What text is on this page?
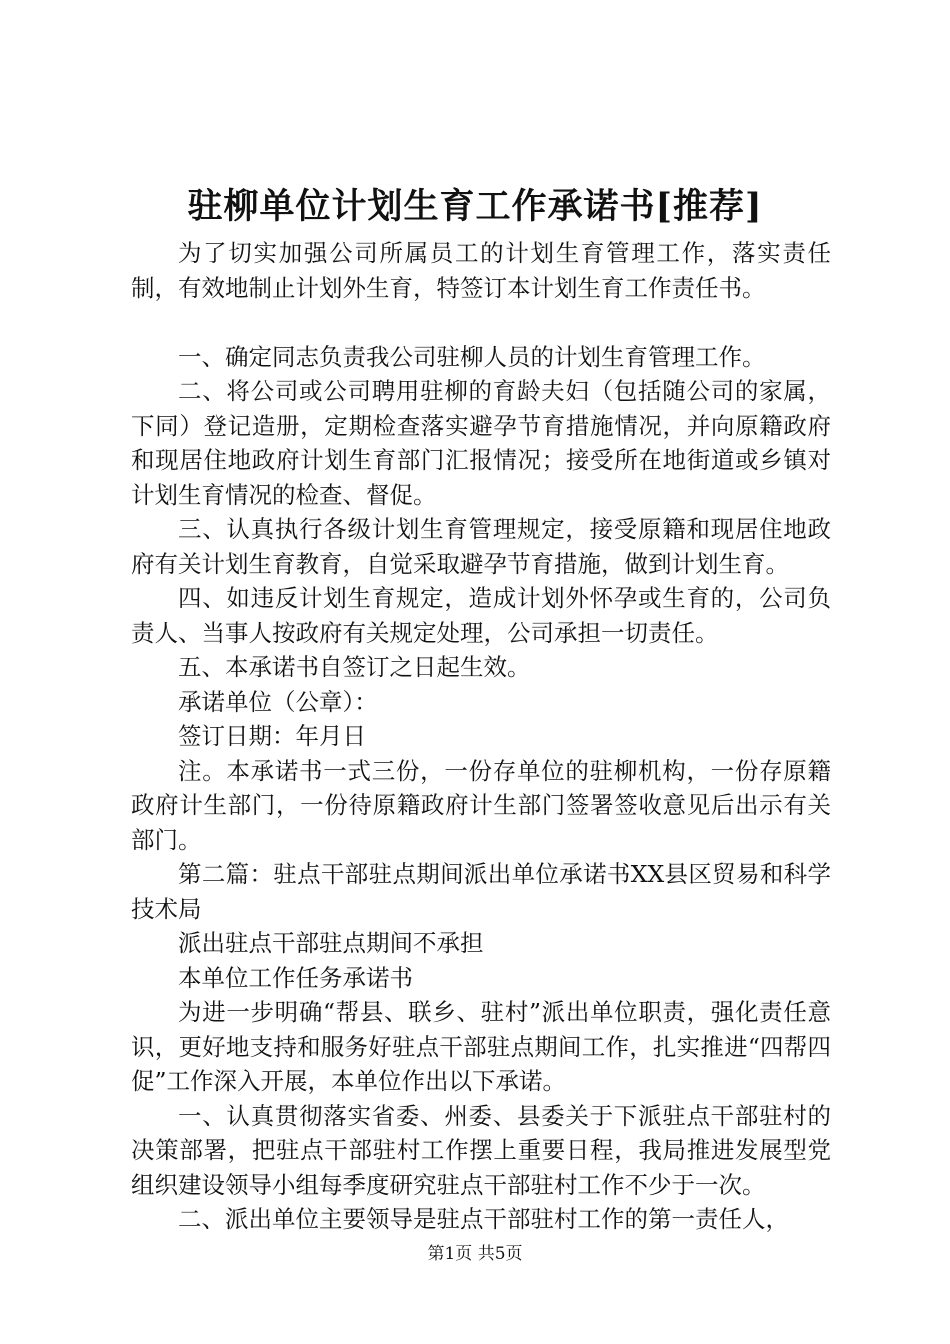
驻柳单位计划生育工作承诺书[推荐]

为了切实加强公司所属员工的计划生育管理工作，落实责任制，有效地制止计划外生育，特签订本计划生育工作责任书。

一、确定同志负责我公司驻柳人员的计划生育管理工作。

二、将公司或公司聘用驻柳的育龄夫妇（包括随公司的家属，下同）登记造册，定期检查落实避孕节育措施情况，并向原籍政府和现居住地政府计划生育部门汇报情况；接受所在地街道或乡镇对计划生育情况的检查、督促。

三、认真执行各级计划生育管理规定，接受原籍和现居住地政府有关计划生育教育，自觉采取避孕节育措施，做到计划生育。

四、如违反计划生育规定，造成计划外怀孕或生育的，公司负责人、当事人按政府有关规定处理，公司承担一切责任。

五、本承诺书自签订之日起生效。

承诺单位（公章）：

签订日期：年月日

注。本承诺书一式三份，一份存单位的驻柳机构，一份存原籍政府计生部门，一份待原籍政府计生部门签署签收意见后出示有关部门。

第二篇：驻点干部驻点期间派出单位承诺书XX县区贸易和科学技术局

派出驻点干部驻点期间不承担

本单位工作任务承诺书

为进一步明确“帮县、联乡、驻村”派出单位职责，强化责任意识，更好地支持和服务好驻点干部驻点期间工作，扎实推进“四帮四促”工作深入开展，本单位作出以下承诺。

一、认真贯彻落实省委、州委、县委关于下派驻点干部驻村的决策部署，把驻点干部驻村工作摆上重要日程，我局推进发展型党组织建设领导小组每季度研究驻点干部驻村工作不少于一次。

二、派出单位主要领导是驻点干部驻村工作的第一责任人，

第1页 共5页
